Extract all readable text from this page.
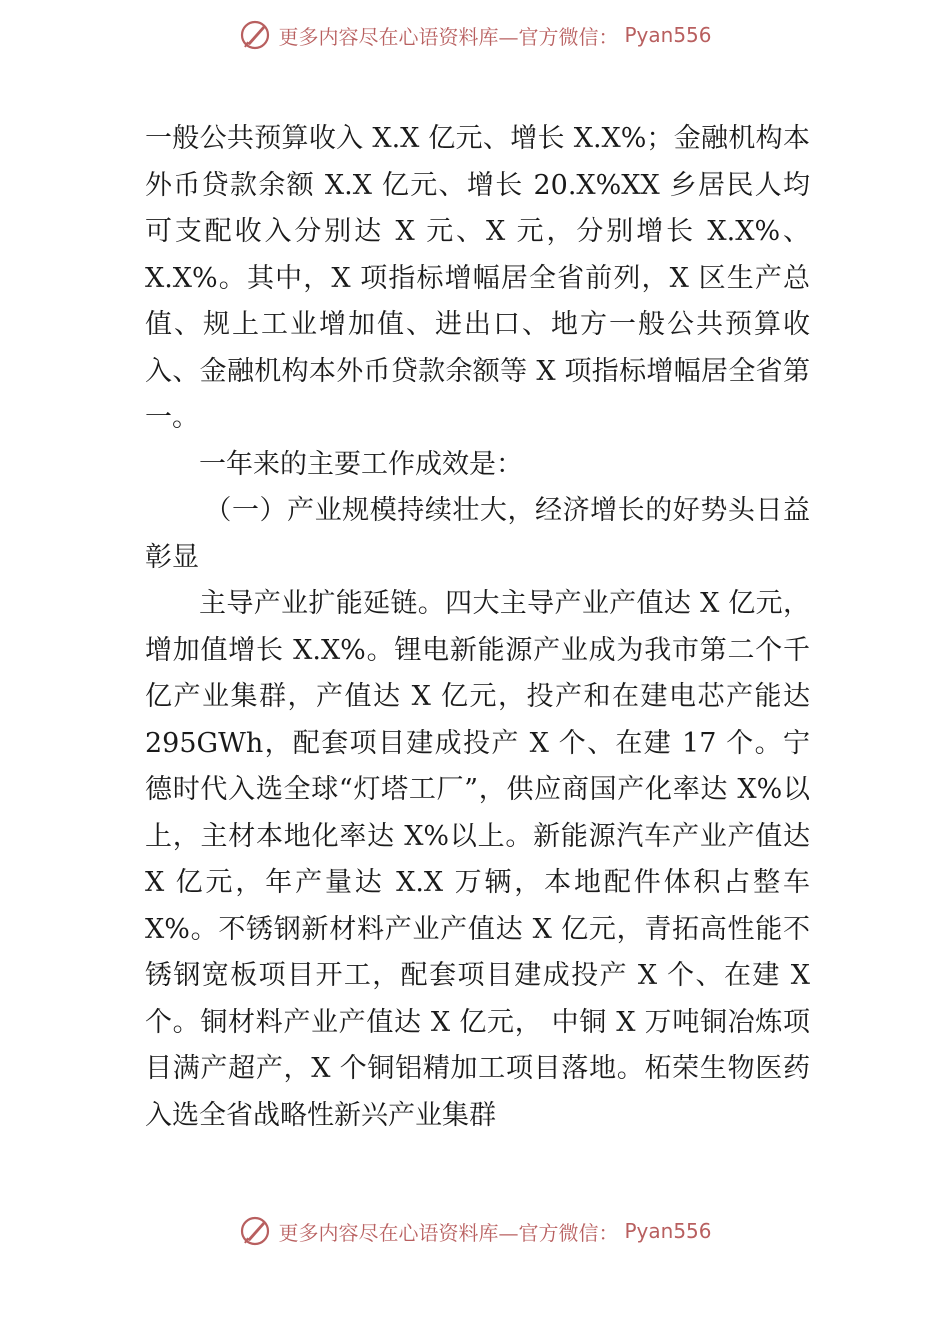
更多内容尽在心语资料库—官方微信： Pyan556

一般公共预算收入 X.X 亿元、增长 X.X%；金融机构本外币贷款余额 X.X 亿元、增长 20.X%XX 乡居民人均可支配收入分别达 X 元、X 元，分别增长 X.X%、X.X%。其中，X 项指标增幅居全省前列，X 区生产总值、规上工业增加值、进出口、地方一般公共预算收入、金融机构本外币贷款余额等 X 项指标增幅居全省第一。

一年来的主要工作成效是：

（一）产业规模持续壮大，经济增长的好势头日益彰显

主导产业扩能延链。四大主导产业产值达 X 亿元，增加值增长 X.X%。锂电新能源产业成为我市第二个千亿产业集群，产值达 X 亿元，投产和在建电芯产能达 295GWh，配套项目建成投产 X 个、在建 17 个。宁德时代入选全球“灯塔工厂”，供应商国产化率达 X%以上，主材本地化率达 X%以上。新能源汽车产业产值达 X 亿元，年产量达 X.X 万辆，本地配件体积占整车 X%。不锈钢新材料产业产值达 X 亿元，青拓高性能不锈钢宽板项目开工，配套项目建成投产 X 个、在建 X 个。铜材料产业产值达 X 亿元， 中铜 X 万吨铜冶炼项目满产超产，X 个铜铝精加工项目落地。柘荣生物医药入选全省战略性新兴产业集群

更多内容尽在心语资料库—官方微信： Pyan556
